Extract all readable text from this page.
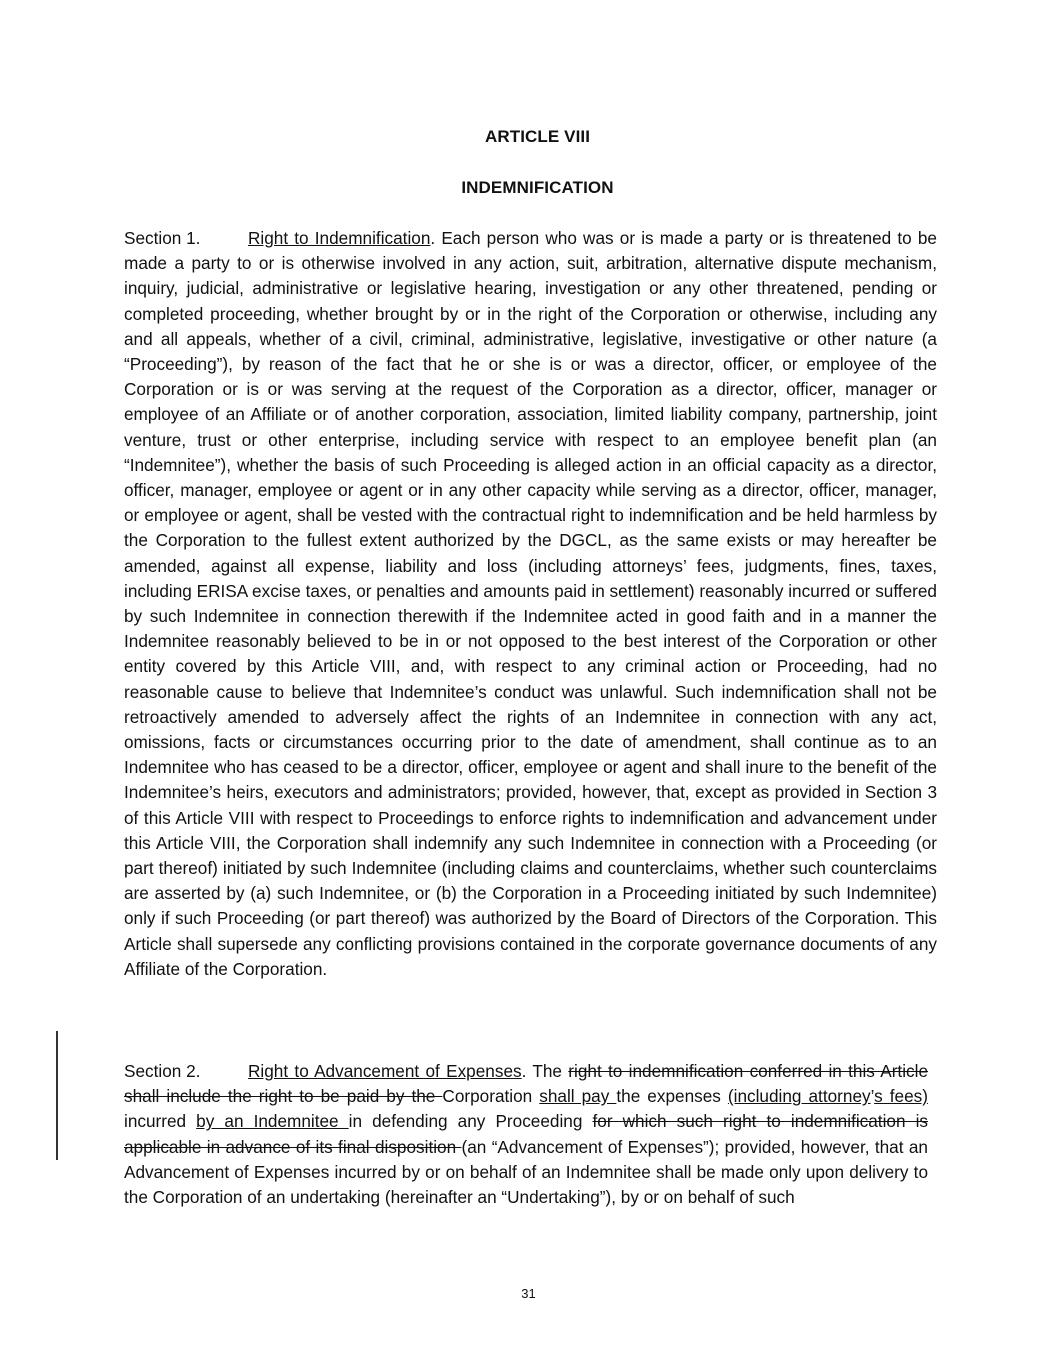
ARTICLE VIII
INDEMNIFICATION
Section 1.	Right to Indemnification. Each person who was or is made a party or is threatened to be made a party to or is otherwise involved in any action, suit, arbitration, alternative dispute mechanism, inquiry, judicial, administrative or legislative hearing, investigation or any other threatened, pending or completed proceeding, whether brought by or in the right of the Corporation or otherwise, including any and all appeals, whether of a civil, criminal, administrative, legislative, investigative or other nature (a “Proceeding”), by reason of the fact that he or she is or was a director, officer, or employee of the Corporation or is or was serving at the request of the Corporation as a director, officer, manager or employee of an Affiliate or of another corporation, association, limited liability company, partnership, joint venture, trust or other enterprise, including service with respect to an employee benefit plan (an “Indemnitee”), whether the basis of such Proceeding is alleged action in an official capacity as a director, officer, manager, employee or agent or in any other capacity while serving as a director, officer, manager, or employee or agent, shall be vested with the contractual right to indemnification and be held harmless by the Corporation to the fullest extent authorized by the DGCL, as the same exists or may hereafter be amended, against all expense, liability and loss (including attorneys’ fees, judgments, fines, taxes, including ERISA excise taxes, or penalties and amounts paid in settlement) reasonably incurred or suffered by such Indemnitee in connection therewith if the Indemnitee acted in good faith and in a manner the Indemnitee reasonably believed to be in or not opposed to the best interest of the Corporation or other entity covered by this Article VIII, and, with respect to any criminal action or Proceeding, had no reasonable cause to believe that Indemnitee’s conduct was unlawful. Such indemnification shall not be retroactively amended to adversely affect the rights of an Indemnitee in connection with any act, omissions, facts or circumstances occurring prior to the date of amendment, shall continue as to an Indemnitee who has ceased to be a director, officer, employee or agent and shall inure to the benefit of the Indemnitee’s heirs, executors and administrators; provided, however, that, except as provided in Section 3 of this Article VIII with respect to Proceedings to enforce rights to indemnification and advancement under this Article VIII, the Corporation shall indemnify any such Indemnitee in connection with a Proceeding (or part thereof) initiated by such Indemnitee (including claims and counterclaims, whether such counterclaims are asserted by (a) such Indemnitee, or (b) the Corporation in a Proceeding initiated by such Indemnitee) only if such Proceeding (or part thereof) was authorized by the Board of Directors of the Corporation. This Article shall supersede any conflicting provisions contained in the corporate governance documents of any Affiliate of the Corporation.
Section 2.	Right to Advancement of Expenses. The right to indemnification conferred in this Article shall include the right to be paid by the Corporation shall pay the expenses (including attorney’s fees) incurred by an Indemnitee in defending any Proceeding for which such right to indemnification is applicable in advance of its final disposition (an “Advancement of Expenses”); provided, however, that an Advancement of Expenses incurred by or on behalf of an Indemnitee shall be made only upon delivery to the Corporation of an undertaking (hereinafter an “Undertaking”), by or on behalf of such
31
